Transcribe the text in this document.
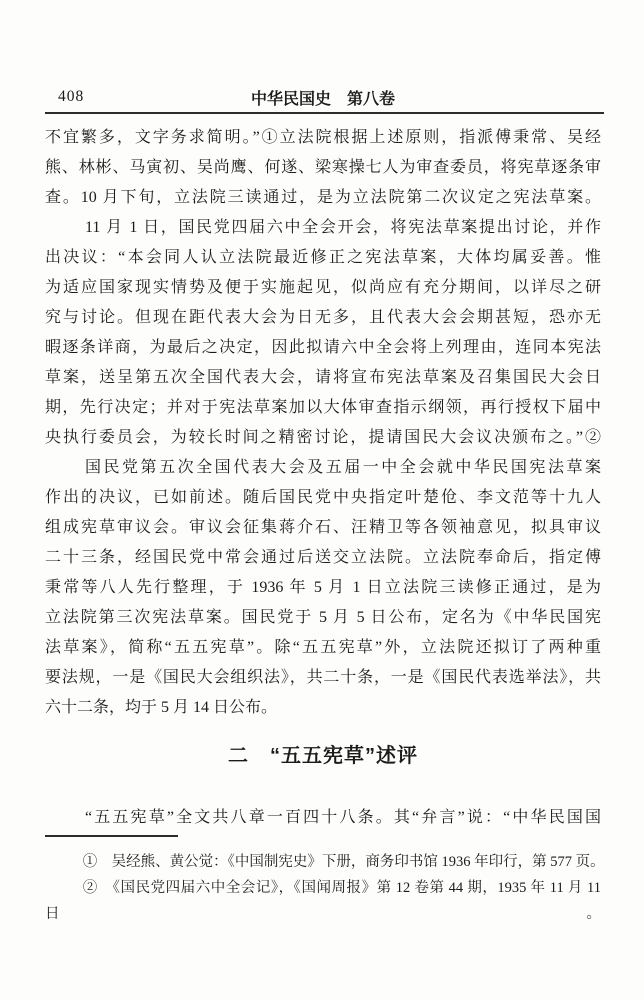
408	中华民国史　第八卷
不宜繁多，文字务求简明。”①立法院根据上述原则，指派傅秉常、吴经
熊、林彬、马寅初、吴尚鹰、何遂、梁寒操七人为审查委员，将宪草逐条审
查。10 月下旬，立法院三读通过，是为立法院第二次议定之宪法草案。
11 月 1 日，国民党四届六中全会开会，将宪法草案提出讨论，并作
出决议：“本会同人认立法院最近修正之宪法草案，大体均属妥善。惟
为适应国家现实情势及便于实施起见，似尚应有充分期间，以详尽之研
究与讨论。但现在距代表大会为日无多，且代表大会会期甚短，恐亦无
暇逐条详商，为最后之决定，因此拟请六中全会将上列理由，连同本宪法
草案，送呈第五次全国代表大会，请将宣布宪法草案及召集国民大会日
期，先行决定；并对于宪法草案加以大体审查指示纲领，再行授权下届中
央执行委员会，为较长时间之精密讨论，提请国民大会议决颁布之。”②
国民党第五次全国代表大会及五届一中全会就中华民国宪法草案
作出的决议，已如前述。随后国民党中央指定叶楚伧、李文范等十九人
组成宪草审议会。审议会征集蒋介石、汪精卫等各领袖意见，拟具审议
二十三条，经国民党中常会通过后送交立法院。立法院奉命后，指定傅
秉常等八人先行整理，于 1936 年 5 月 1 日立法院三读修正通过，是为
立法院第三次宪法草案。国民党于 5 月 5 日公布，定名为《中华民国宪
法草案》，简称“五五宪草”。除“五五宪草”外，立法院还拟订了两种重
要法规，一是《国民大会组织法》，共二十条，一是《国民代表选举法》，共
六十二条，均于 5 月 14 日公布。
二　“五五宪草”述评
“五五宪草”全文共八章一百四十八条。其“弁言”说：“中华民国国
①　吴经熊、黄公觉：《中国制宪史》下册，商务印书馆 1936 年印行，第 577 页。
②　《国民党四届六中全会记》，《国闻周报》第 12 卷第 44 期，1935 年 11 月 11
日。
